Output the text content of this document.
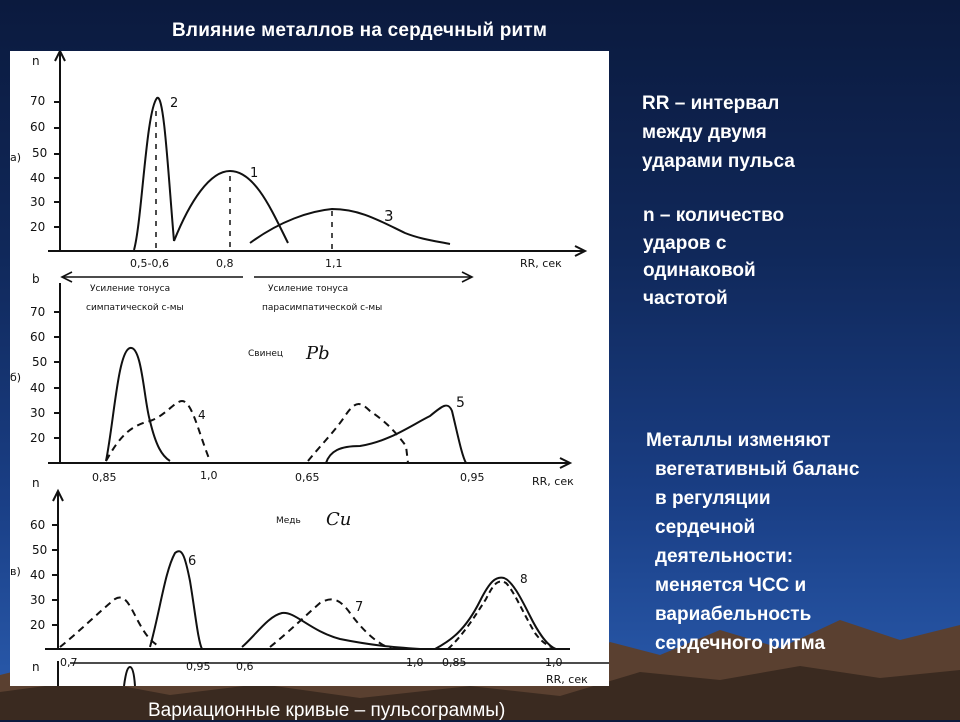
Влияние металлов на сердечный ритм
n
70
60
50
40
30
20
а)
2
1
3
0,5-0,6	0,8	1,1	RR, сек
b
Усиление тонуса
симпатической с-мы
Усиление тонуса
парасимпатической с-мы
70
60
50
40
30
20
б)
Свинец Pb
4
5
0,85	1,0	0,65	0,95	RR, сек
n
60
50
40
30
20
в)
Медь Cu
6
7
8
0,7	0,95 0,6	1,0 0,85	1,0
RR, сек
n
RR – интервал
между двумя
ударами пульса
n – количество
ударов с
одинаковой
частотой
Металлы изменяют
вегетативный баланс
в регуляции
сердечной
деятельности:
меняется ЧСС и
вариабельность
сердечного ритма
Вариационные кривые – пульсограммы)
